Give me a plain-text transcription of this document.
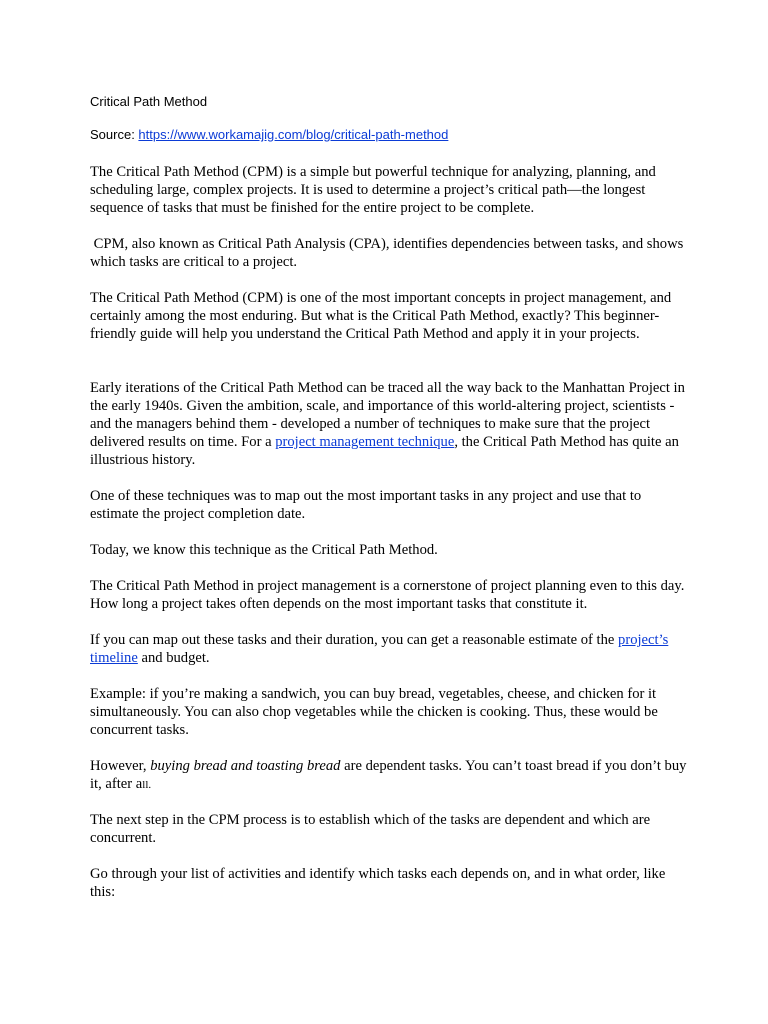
Critical Path Method
Source: https://www.workamajig.com/blog/critical-path-method

The Critical Path Method (CPM) is a simple but powerful technique for analyzing, planning, and scheduling large, complex projects. It is used to determine a project’s critical path—the longest sequence of tasks that must be finished for the entire project to be complete.

CPM, also known as Critical Path Analysis (CPA), identifies dependencies between tasks, and shows which tasks are critical to a project.

The Critical Path Method (CPM) is one of the most important concepts in project management, and certainly among the most enduring. But what is the Critical Path Method, exactly? This beginner-friendly guide will help you understand the Critical Path Method and apply it in your projects.

Early iterations of the Critical Path Method can be traced all the way back to the Manhattan Project in the early 1940s. Given the ambition, scale, and importance of this world-altering project, scientists - and the managers behind them - developed a number of techniques to make sure that the project delivered results on time. For a project management technique, the Critical Path Method has quite an illustrious history.

One of these techniques was to map out the most important tasks in any project and use that to estimate the project completion date.

Today, we know this technique as the Critical Path Method.

The Critical Path Method in project management is a cornerstone of project planning even to this day. How long a project takes often depends on the most important tasks that constitute it.

If you can map out these tasks and their duration, you can get a reasonable estimate of the project’s timeline and budget.

Example: if you’re making a sandwich, you can buy bread, vegetables, cheese, and chicken for it simultaneously. You can also chop vegetables while the chicken is cooking. Thus, these would be concurrent tasks.

However, buying bread and toasting bread are dependent tasks. You can’t toast bread if you don’t buy it, after all.

The next step in the CPM process is to establish which of the tasks are dependent and which are concurrent.

Go through your list of activities and identify which tasks each depends on, and in what order, like this:
